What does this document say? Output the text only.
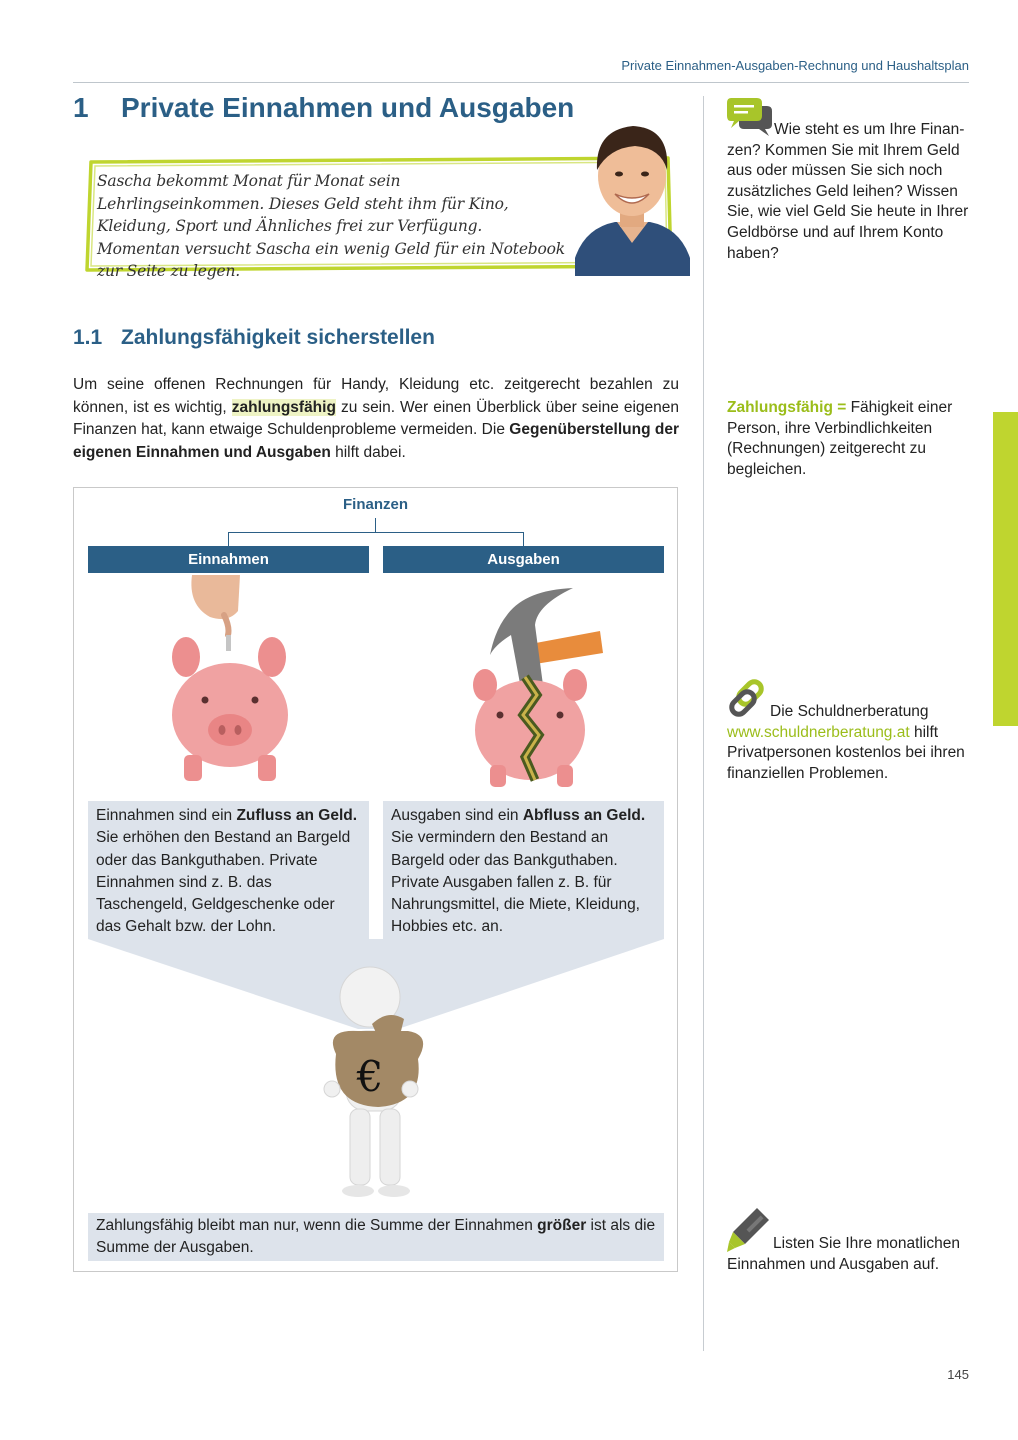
Private Einnahmen-Ausgaben-Rechnung und Haushaltsplan
1 Private Einnahmen und Ausgaben
Sascha bekommt Monat für Monat sein Lehrlingseinkommen. Dieses Geld steht ihm für Kino, Kleidung, Sport und Ähnliches frei zur Verfügung. Momentan versucht Sascha ein wenig Geld für ein Notebook zur Seite zu legen.
1.1 Zahlungsfähigkeit sicherstellen
Um seine offenen Rechnungen für Handy, Kleidung etc. zeitgerecht bezahlen zu können, ist es wichtig, zahlungsfähig zu sein. Wer einen Überblick über seine eigenen Finanzen hat, kann etwaige Schuldenprobleme vermeiden. Die Gegenüberstellung der eigenen Einnahmen und Ausgaben hilft dabei.
Finanzen
Einnahmen	Ausgaben
Einnahmen sind ein Zufluss an Geld. Sie erhöhen den Bestand an Bargeld oder das Bankguthaben. Private Einnahmen sind z. B. das Taschengeld, Geldgeschenke oder das Gehalt bzw. der Lohn.
Ausgaben sind ein Abfluss an Geld. Sie vermindern den Bestand an Bargeld oder das Bankguthaben. Private Ausgaben fallen z. B. für Nahrungsmittel, die Miete, Kleidung, Hobbies etc. an.
€
Zahlungsfähig bleibt man nur, wenn die Summe der Einnahmen größer ist als die Summe der Ausgaben.
Wie steht es um Ihre Finanzen? Kommen Sie mit Ihrem Geld aus oder müssen Sie sich noch zusätzliches Geld leihen? Wissen Sie, wie viel Geld Sie heute in Ihrer Geldbörse und auf Ihrem Konto haben?
Zahlungsfähig = Fähigkeit einer Person, ihre Verbindlichkeiten (Rechnungen) zeitgerecht zu begleichen.
Die Schuldnerberatung
www.schuldnerberatung.at hilft Privatpersonen kostenlos bei ihren finanziellen Problemen.
Listen Sie Ihre monatlichen Einnahmen und Ausgaben auf.
145
